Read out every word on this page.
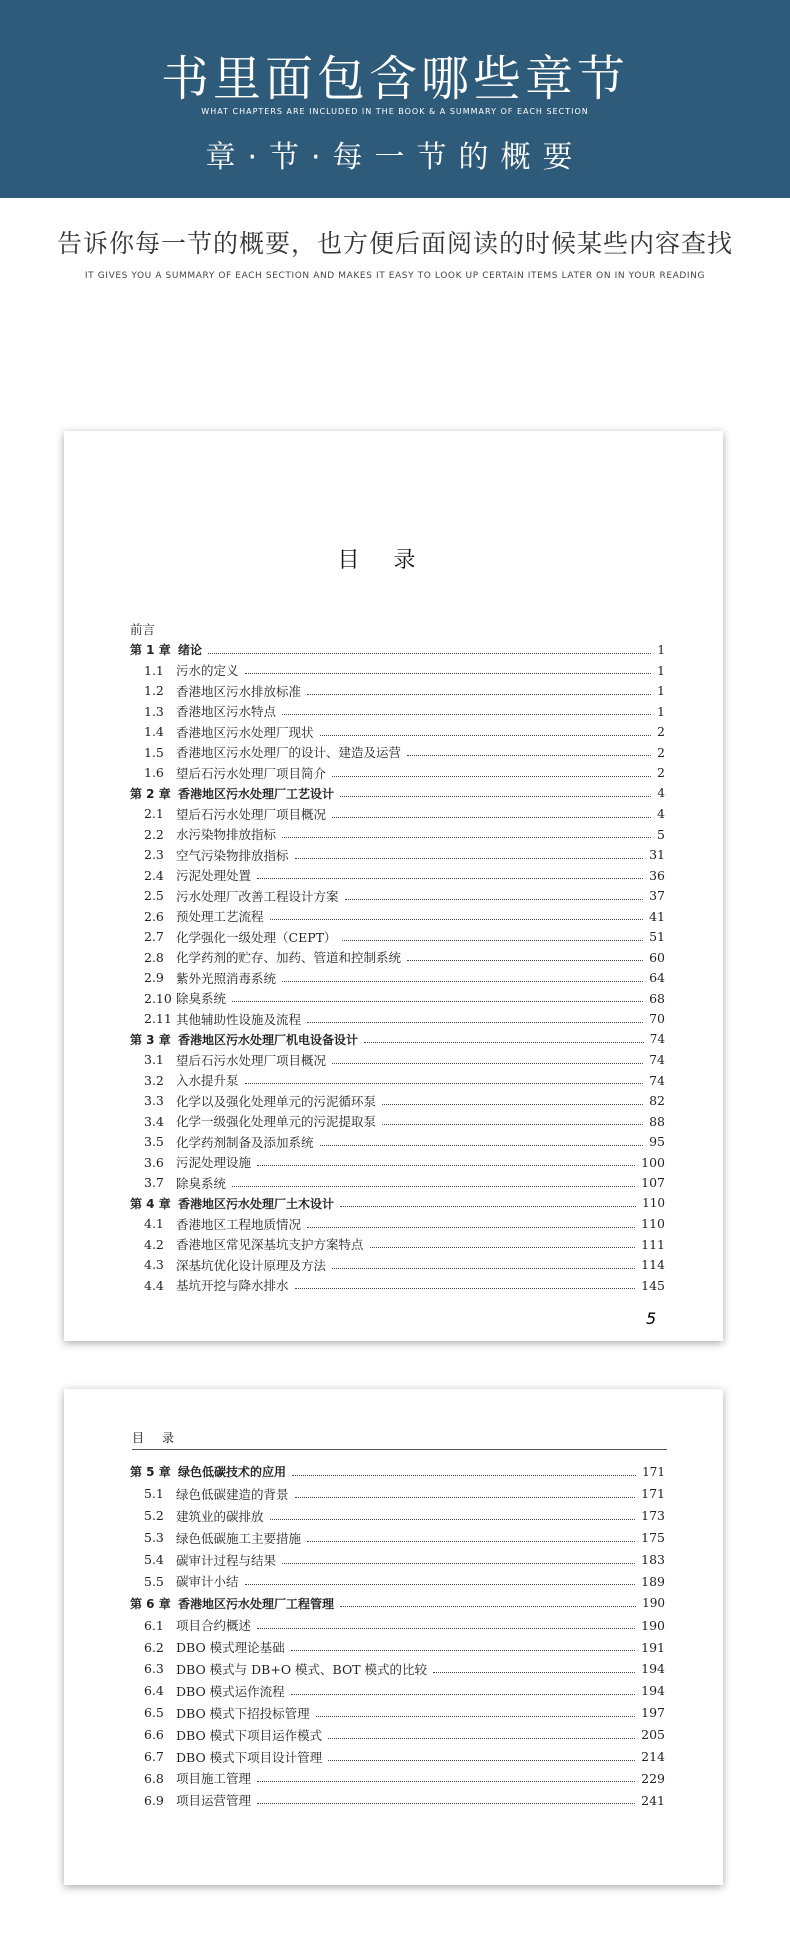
书里面包含哪些章节
WHAT CHAPTERS ARE INCLUDED IN THE BOOK & A SUMMARY OF EACH SECTION
章·节·每一节的概要
告诉你每一节的概要，也方便后面阅读的时候某些内容查找
IT GIVES YOU A SUMMARY OF EACH SECTION AND MAKES IT EASY TO LOOK UP CERTAIN ITEMS LATER ON IN YOUR READING
目录
前言
第 1 章 绪论	1
1.1 污水的定义	1
1.2 香港地区污水排放标准	1
1.3 香港地区污水特点	1
1.4 香港地区污水处理厂现状	2
1.5 香港地区污水处理厂的设计、建造及运营	2
1.6 望后石污水处理厂项目简介	2
第 2 章 香港地区污水处理厂工艺设计	4
2.1 望后石污水处理厂项目概况	4
2.2 水污染物排放指标	5
2.3 空气污染物排放指标	31
2.4 污泥处理处置	36
2.5 污水处理厂改善工程设计方案	37
2.6 预处理工艺流程	41
2.7 化学强化一级处理（CEPT）	51
2.8 化学药剂的贮存、加药、管道和控制系统	60
2.9 紫外光照消毒系统	64
2.10 除臭系统	68
2.11 其他辅助性设施及流程	70
第 3 章 香港地区污水处理厂机电设备设计	74
3.1 望后石污水处理厂项目概况	74
3.2 入水提升泵	74
3.3 化学以及强化处理单元的污泥循环泵	82
3.4 化学一级强化处理单元的污泥提取泵	88
3.5 化学药剂制备及添加系统	95
3.6 污泥处理设施	100
3.7 除臭系统	107
第 4 章 香港地区污水处理厂土木设计	110
4.1 香港地区工程地质情况	110
4.2 香港地区常见深基坑支护方案特点	111
4.3 深基坑优化设计原理及方法	114
4.4 基坑开挖与降水排水	145
5
目录
第 5 章 绿色低碳技术的应用	171
5.1 绿色低碳建造的背景	171
5.2 建筑业的碳排放	173
5.3 绿色低碳施工主要措施	175
5.4 碳审计过程与结果	183
5.5 碳审计小结	189
第 6 章 香港地区污水处理厂工程管理	190
6.1 项目合约概述	190
6.2 DBO 模式理论基础	191
6.3 DBO 模式与 DB+O 模式、BOT 模式的比较	194
6.4 DBO 模式运作流程	194
6.5 DBO 模式下招投标管理	197
6.6 DBO 模式下项目运作模式	205
6.7 DBO 模式下项目设计管理	214
6.8 项目施工管理	229
6.9 项目运营管理	241
